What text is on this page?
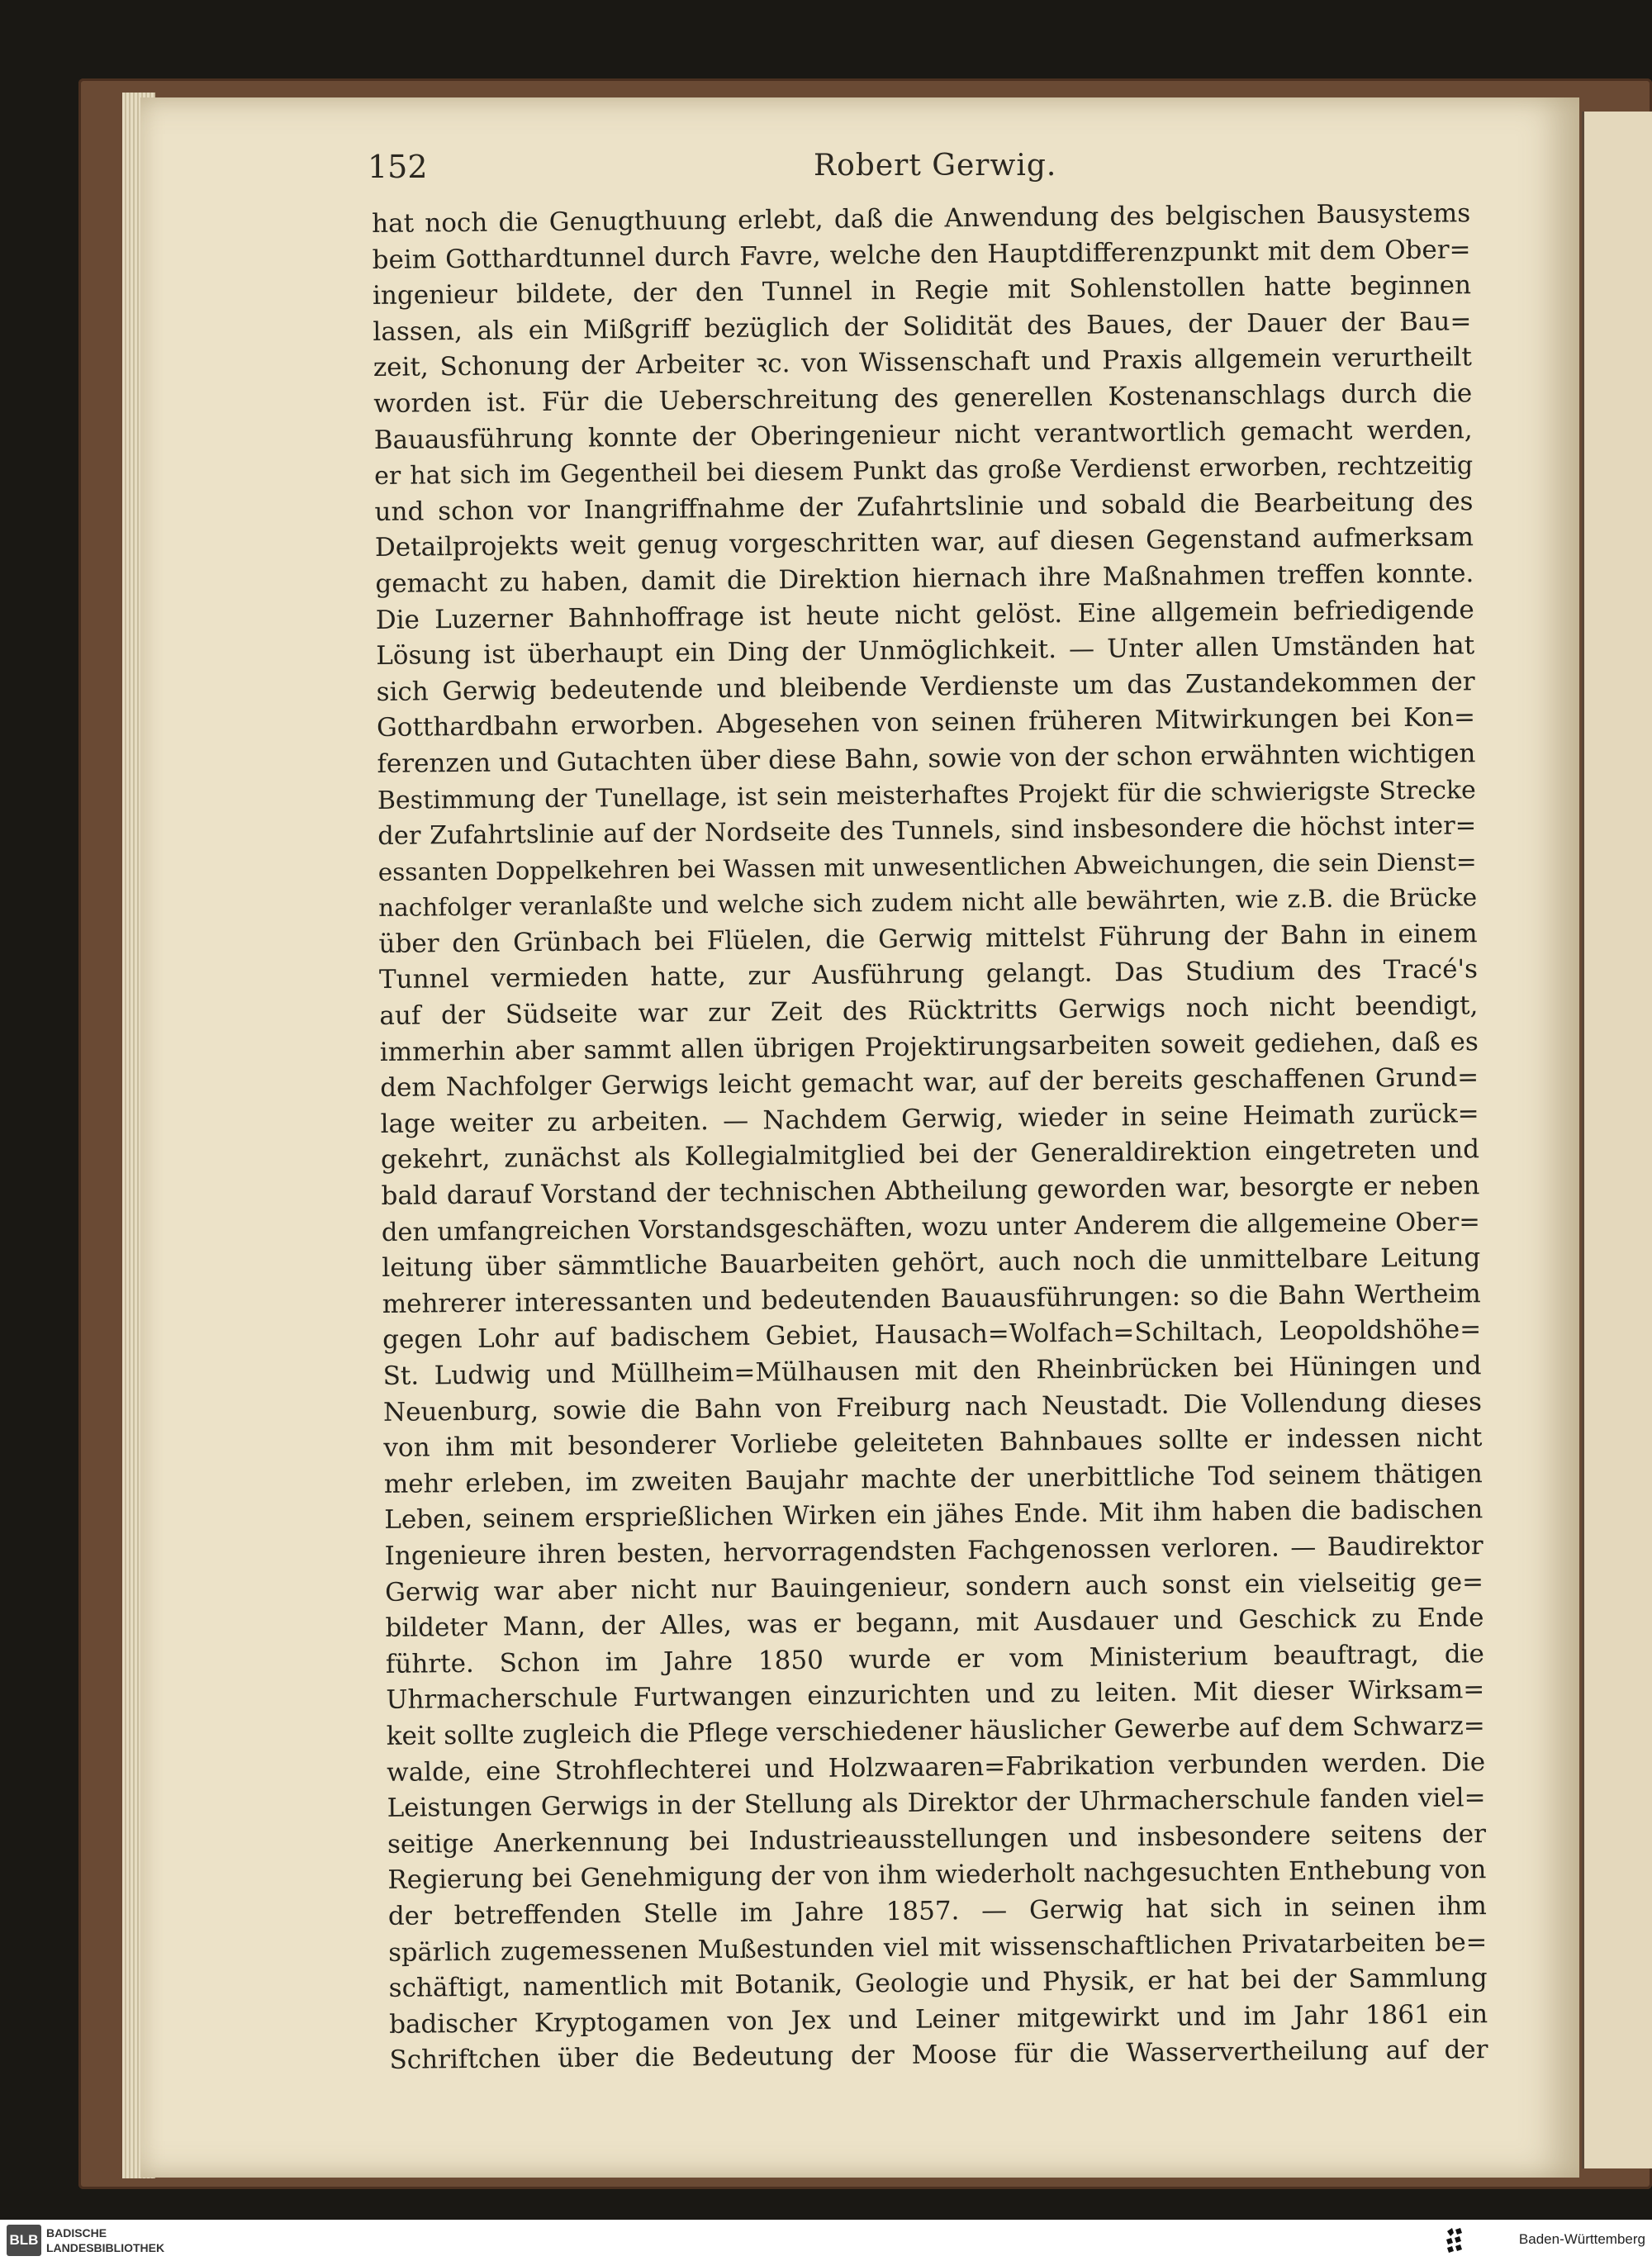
152	Robert Gerwig.
hat noch die Genugthuung erlebt, daß die Anwendung des belgischen Bausystems
beim Gotthardtunnel durch Favre, welche den Hauptdifferenzpunkt mit dem Ober=
ingenieur bildete, der den Tunnel in Regie mit Sohlenstollen hatte beginnen
lassen, als ein Mißgriff bezüglich der Solidität des Baues, der Dauer der Bau=
zeit, Schonung der Arbeiter ꝛc. von Wissenschaft und Praxis allgemein verurtheilt
worden ist. Für die Ueberschreitung des generellen Kostenanschlags durch die
Bauausführung konnte der Oberingenieur nicht verantwortlich gemacht werden,
er hat sich im Gegentheil bei diesem Punkt das große Verdienst erworben, rechtzeitig
und schon vor Inangriffnahme der Zufahrtslinie und sobald die Bearbeitung des
Detailprojekts weit genug vorgeschritten war, auf diesen Gegenstand aufmerksam
gemacht zu haben, damit die Direktion hiernach ihre Maßnahmen treffen konnte.
Die Luzerner Bahnhoffrage ist heute nicht gelöst. Eine allgemein befriedigende
Lösung ist überhaupt ein Ding der Unmöglichkeit. — Unter allen Umständen hat
sich Gerwig bedeutende und bleibende Verdienste um das Zustandekommen der
Gotthardbahn erworben. Abgesehen von seinen früheren Mitwirkungen bei Kon=
ferenzen und Gutachten über diese Bahn, sowie von der schon erwähnten wichtigen
Bestimmung der Tunellage, ist sein meisterhaftes Projekt für die schwierigste Strecke
der Zufahrtslinie auf der Nordseite des Tunnels, sind insbesondere die höchst inter=
essanten Doppelkehren bei Wassen mit unwesentlichen Abweichungen, die sein Dienst=
nachfolger veranlaßte und welche sich zudem nicht alle bewährten, wie z.B. die Brücke
über den Grünbach bei Flüelen, die Gerwig mittelst Führung der Bahn in einem
Tunnel vermieden hatte, zur Ausführung gelangt. Das Studium des Tracé's
auf der Südseite war zur Zeit des Rücktritts Gerwigs noch nicht beendigt,
immerhin aber sammt allen übrigen Projektirungsarbeiten soweit gediehen, daß es
dem Nachfolger Gerwigs leicht gemacht war, auf der bereits geschaffenen Grund=
lage weiter zu arbeiten. — Nachdem Gerwig, wieder in seine Heimath zurück=
gekehrt, zunächst als Kollegialmitglied bei der Generaldirektion eingetreten und
bald darauf Vorstand der technischen Abtheilung geworden war, besorgte er neben
den umfangreichen Vorstandsgeschäften, wozu unter Anderem die allgemeine Ober=
leitung über sämmtliche Bauarbeiten gehört, auch noch die unmittelbare Leitung
mehrerer interessanten und bedeutenden Bauausführungen: so die Bahn Wertheim
gegen Lohr auf badischem Gebiet, Hausach=Wolfach=Schiltach, Leopoldshöhe=
St. Ludwig und Müllheim=Mülhausen mit den Rheinbrücken bei Hüningen und
Neuenburg, sowie die Bahn von Freiburg nach Neustadt. Die Vollendung dieses
von ihm mit besonderer Vorliebe geleiteten Bahnbaues sollte er indessen nicht
mehr erleben, im zweiten Baujahr machte der unerbittliche Tod seinem thätigen
Leben, seinem ersprießlichen Wirken ein jähes Ende. Mit ihm haben die badischen
Ingenieure ihren besten, hervorragendsten Fachgenossen verloren. — Baudirektor
Gerwig war aber nicht nur Bauingenieur, sondern auch sonst ein vielseitig ge=
bildeter Mann, der Alles, was er begann, mit Ausdauer und Geschick zu Ende
führte. Schon im Jahre 1850 wurde er vom Ministerium beauftragt, die
Uhrmacherschule Furtwangen einzurichten und zu leiten. Mit dieser Wirksam=
keit sollte zugleich die Pflege verschiedener häuslicher Gewerbe auf dem Schwarz=
walde, eine Strohflechterei und Holzwaaren=Fabrikation verbunden werden. Die
Leistungen Gerwigs in der Stellung als Direktor der Uhrmacherschule fanden viel=
seitige Anerkennung bei Industrieausstellungen und insbesondere seitens der
Regierung bei Genehmigung der von ihm wiederholt nachgesuchten Enthebung von
der betreffenden Stelle im Jahre 1857. — Gerwig hat sich in seinen ihm
spärlich zugemessenen Mußestunden viel mit wissenschaftlichen Privatarbeiten be=
schäftigt, namentlich mit Botanik, Geologie und Physik, er hat bei der Sammlung
badischer Kryptogamen von Jex und Leiner mitgewirkt und im Jahr 1861 ein
Schriftchen über die Bedeutung der Moose für die Wasservertheilung auf der
BLB BADISCHE
LANDESBIBLIOTHEK
Baden-Württemberg
